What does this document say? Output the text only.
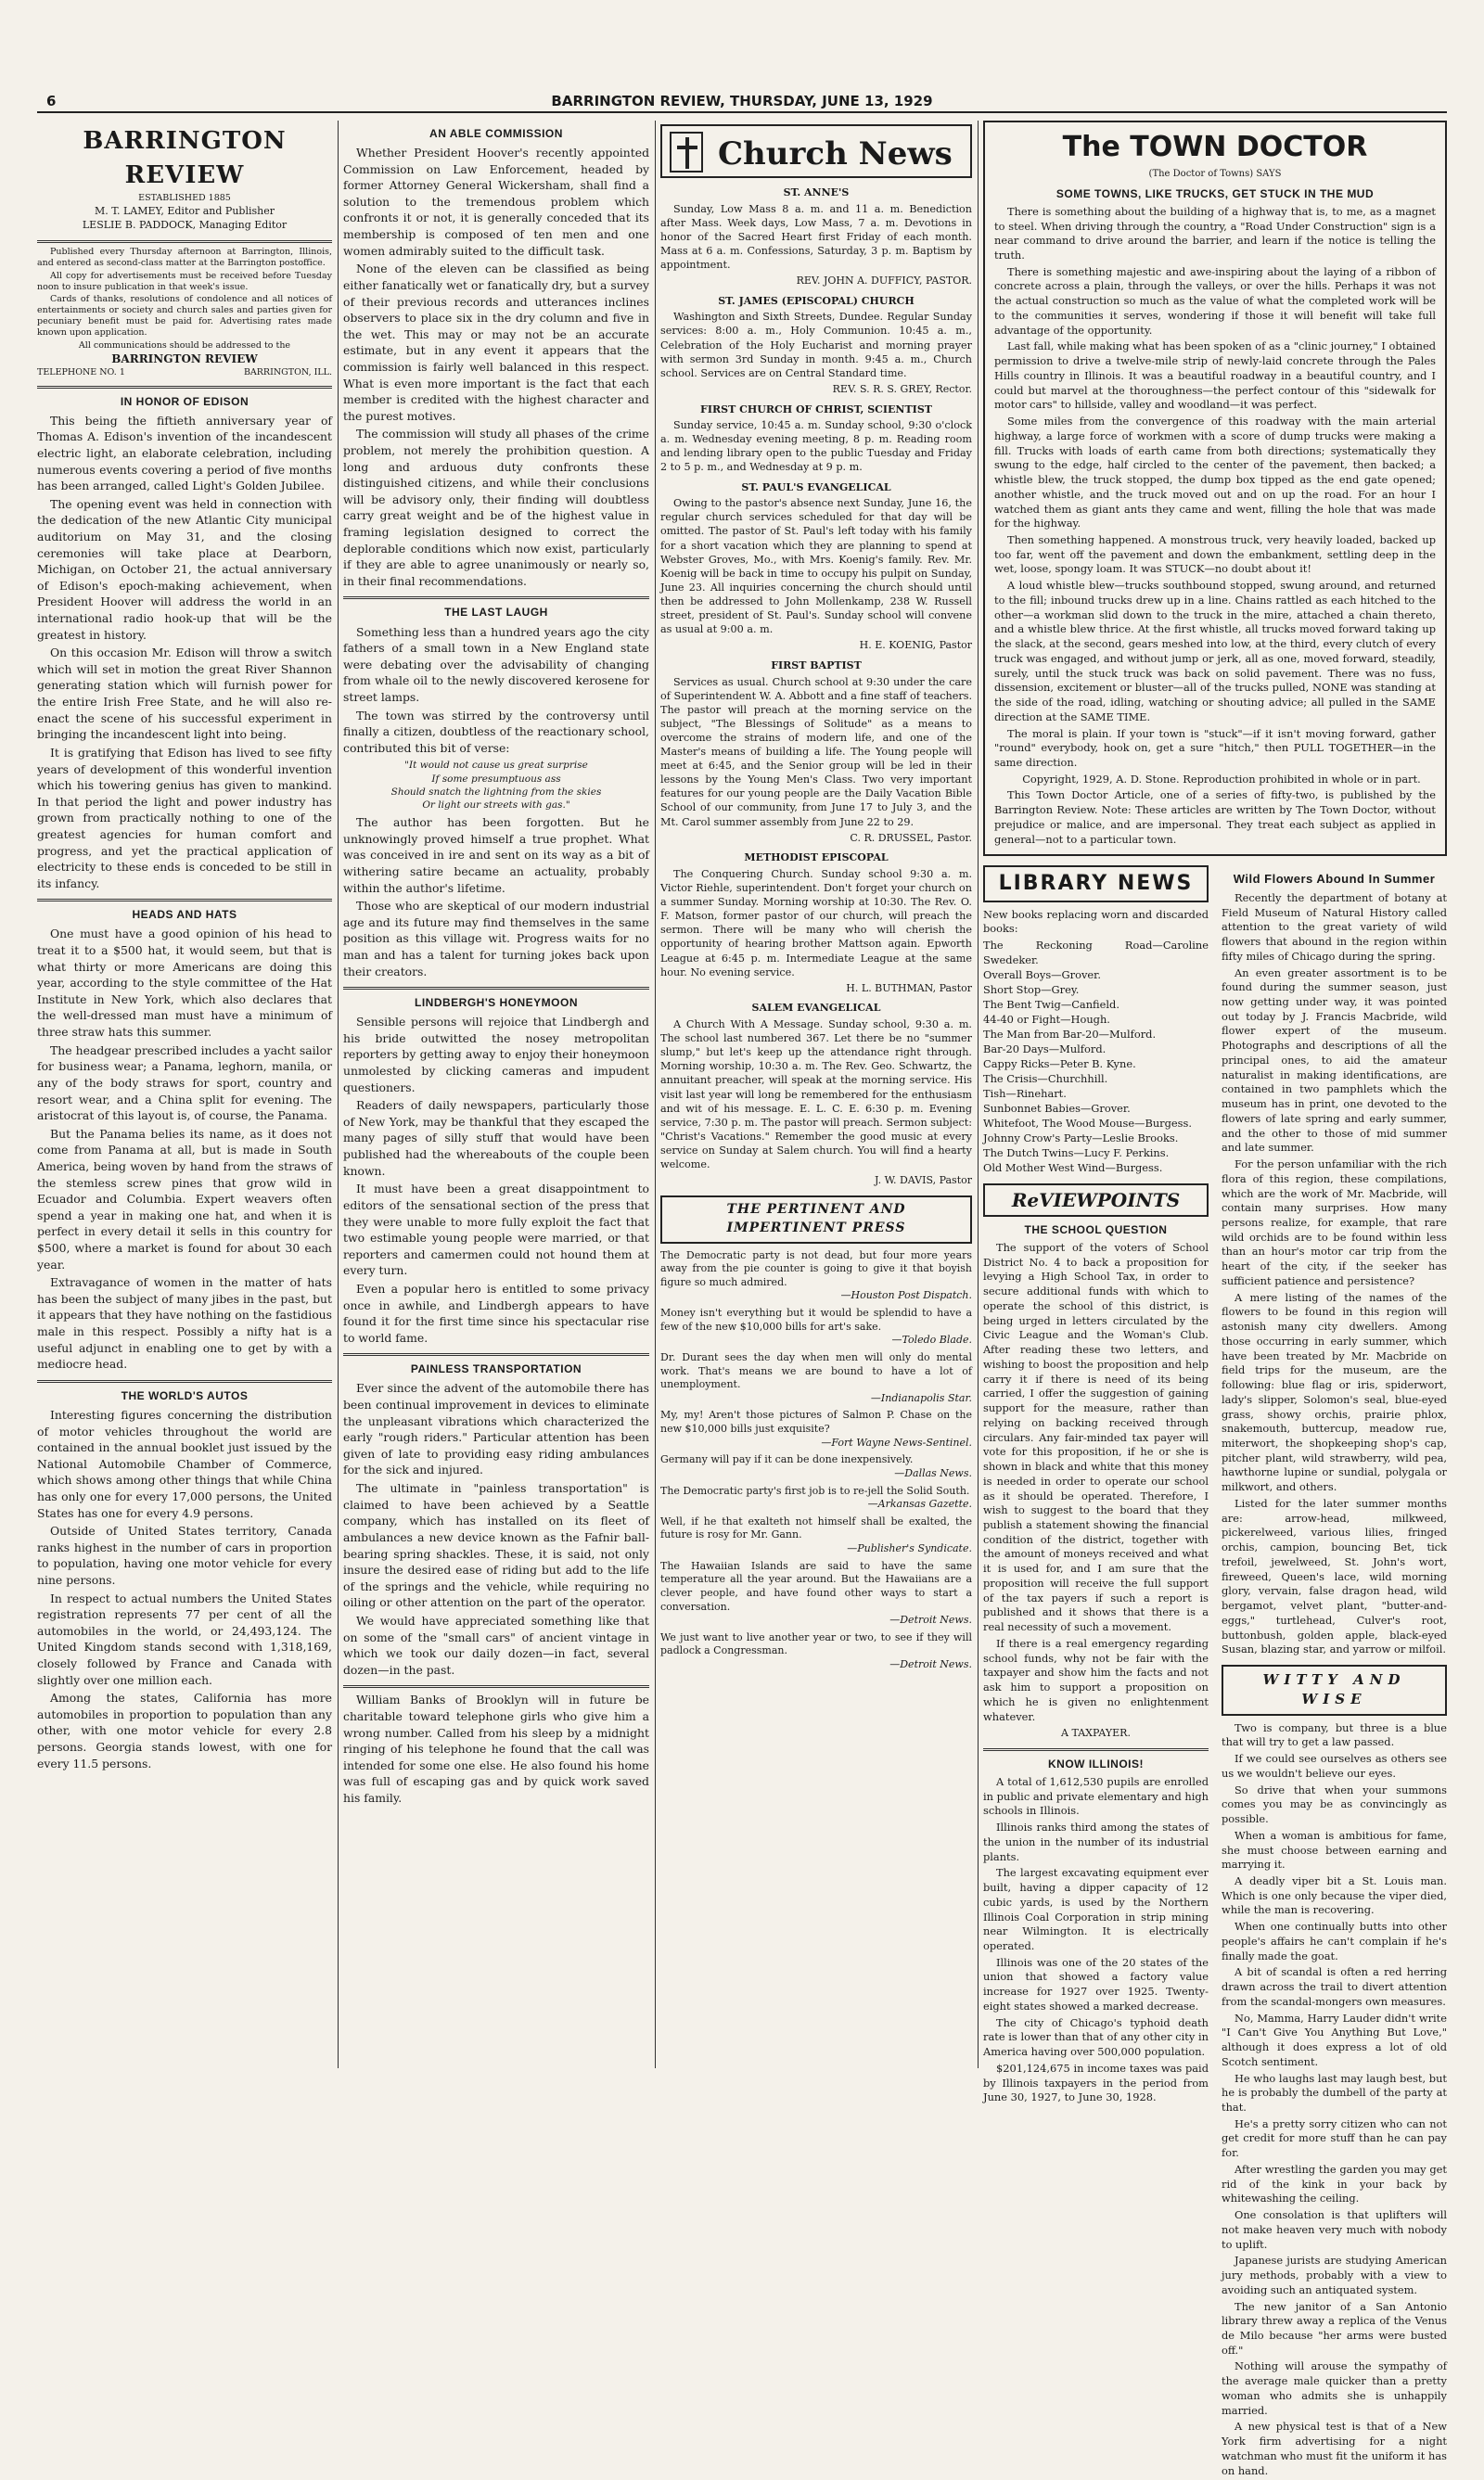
6	BARRINGTON REVIEW, THURSDAY, JUNE 13, 1929
BARRINGTON REVIEW
ESTABLISHED 1885
M. T. LAMEY, Editor and Publisher
LESLIE B. PADDOCK, Managing Editor

Published every Thursday afternoon at Barrington, Illinois, and entered as second-class matter at the Barrington postoffice.

All copy for advertisements must be received before Tuesday noon to insure publication in that week's issue.

Cards of thanks, resolutions of condolence and all notices of entertainments or society and church sales and parties given for pecuniary benefit must be paid for. Advertising rates made known upon application.

All communications should be addressed to the
BARRINGTON REVIEW
TELEPHONE NO. 1	BARRINGTON, ILL.
IN HONOR OF EDISON

This being the fiftieth anniversary year of Thomas A. Edison's invention of the incandescent electric light, an elaborate celebration, including numerous events covering a period of five months has been arranged, called Light's Golden Jubilee.

The opening event was held in connection with the dedication of the new Atlantic City municipal auditorium on May 31, and the closing ceremonies will take place at Dearborn, Michigan, on October 21, the actual anniversary of Edison's epoch-making achievement, when President Hoover will address the world in an international radio hook-up that will be the greatest in history.

On this occasion Mr. Edison will throw a switch which will set in motion the great River Shannon generating station which will furnish power for the entire Irish Free State, and he will also re-enact the scene of his successful experiment in bringing the incandescent light into being.

It is gratifying that Edison has lived to see fifty years of development of this wonderful invention which his towering genius has given to mankind. In that period the light and power industry has grown from practically nothing to one of the greatest agencies for human comfort and progress, and yet the practical application of electricity to these ends is conceded to be still in its infancy.

HEADS AND HATS

One must have a good opinion of his head to treat it to a $500 hat, it would seem, but that is what thirty or more Americans are doing this year, according to the style committee of the Hat Institute in New York, which also declares that the well-dressed man must have a minimum of three straw hats this summer.

The headgear prescribed includes a yacht sailor for business wear; a Panama, leghorn, manila, or any of the body straws for sport, country and resort wear, and a China split for evening. The aristocrat of this layout is, of course, the Panama.

But the Panama belies its name, as it does not come from Panama at all, but is made in South America, being woven by hand from the straws of the stemless screw pines that grow wild in Ecuador and Columbia. Expert weavers often spend a year in making one hat, and when it is perfect in every detail it sells in this country for $500, where a market is found for about 30 each year.

Extravagance of women in the matter of hats has been the subject of many jibes in the past, but it appears that they have nothing on the fastidious male in this respect. Possibly a nifty hat is a useful adjunct in enabling one to get by with a mediocre head.

THE WORLD'S AUTOS

Interesting figures concerning the distribution of motor vehicles throughout the world are contained in the annual booklet just issued by the National Automobile Chamber of Commerce, which shows among other things that while China has only one for every 17,000 persons, the United States has one for every 4.9 persons.

Outside of United States territory, Canada ranks highest in the number of cars in proportion to population, having one motor vehicle for every nine persons.

In respect to actual numbers the United States registration represents 77 per cent of all the automobiles in the world, or 24,493,124. The United Kingdom stands second with 1,318,169, closely followed by France and Canada with slightly over one million each.

Among the states, California has more automobiles in proportion to population than any other, with one motor vehicle for every 2.8 persons. Georgia stands lowest, with one for every 11.5 persons.

AN ABLE COMMISSION

Whether President Hoover's recently appointed Commission on Law Enforcement, headed by former Attorney General Wickersham, shall find a solution to the tremendous problem which confronts it or not, it is generally conceded that its membership is composed of ten men and one women admirably suited to the difficult task.

None of the eleven can be classified as being either fanatically wet or fanatically dry, but a survey of their previous records and utterances inclines observers to place six in the dry column and five in the wet. This may or may not be an accurate estimate, but in any event it appears that the commission is fairly well balanced in this respect. What is even more important is the fact that each member is credited with the highest character and the purest motives.

The commission will study all phases of the crime problem, not merely the prohibition question. A long and arduous duty confronts these distinguished citizens, and while their conclusions will be advisory only, their finding will doubtless carry great weight and be of the highest value in framing legislation designed to correct the deplorable conditions which now exist, particularly if they are able to agree unanimously or nearly so, in their final recommendations.

THE LAST LAUGH

Something less than a hundred years ago the city fathers of a small town in a New England state were debating over the advisability of changing from whale oil to the newly discovered kerosene for street lamps.

The town was stirred by the controversy until finally a citizen, doubtless of the reactionary school, contributed this bit of verse:

"It would not cause us great surprise
If some presumptuous ass
Should snatch the lightning from the skies
Or light our streets with gas."

The author has been forgotten. But he unknowingly proved himself a true prophet. What was conceived in ire and sent on its way as a bit of withering satire became an actuality, probably within the author's lifetime.

Those who are skeptical of our modern industrial age and its future may find themselves in the same position as this village wit. Progress waits for no man and has a talent for turning jokes back upon their creators.

LINDBERGH'S HONEYMOON

Sensible persons will rejoice that Lindbergh and his bride outwitted the nosey metropolitan reporters by getting away to enjoy their honeymoon unmolested by clicking cameras and impudent questioners.

Readers of daily newspapers, particularly those of New York, may be thankful that they escaped the many pages of silly stuff that would have been published had the whereabouts of the couple been known.

It must have been a great disappointment to editors of the sensational section of the press that they were unable to more fully exploit the fact that two estimable young people were married, or that reporters and camermen could not hound them at every turn.

Even a popular hero is entitled to some privacy once in awhile, and Lindbergh appears to have found it for the first time since his spectacular rise to world fame.

PAINLESS TRANSPORTATION

Ever since the advent of the automobile there has been continual improvement in devices to eliminate the unpleasant vibrations which characterized the early "rough riders." Particular attention has been given of late to providing easy riding ambulances for the sick and injured.

The ultimate in "painless transportation" is claimed to have been achieved by a Seattle company, which has installed on its fleet of ambulances a new device known as the Fafnir ball-bearing spring shackles. These, it is said, not only insure the desired ease of riding but add to the life of the springs and the vehicle, while requiring no oiling or other attention on the part of the operator.

We would have appreciated something like that on some of the "small cars" of ancient vintage in which we took our daily dozen—in fact, several dozen—in the past.

William Banks of Brooklyn will in future be charitable toward telephone girls who give him a wrong number. Called from his sleep by a midnight ringing of his telephone he found that the call was intended for some one else. He also found his home was full of escaping gas and by quick work saved his family.

Church News
ST. ANNE'S

Sunday, Low Mass 8 a. m. and 11 a. m. Benediction after Mass. Week days, Low Mass, 7 a. m. Devotions in honor of the Sacred Heart first Friday of each month. Mass at 6 a. m. Confessions, Saturday, 3 p. m. Baptism by appointment.

REV. JOHN A. DUFFICY, PASTOR.
ST. JAMES (EPISCOPAL) CHURCH

Washington and Sixth Streets, Dundee. Regular Sunday services: 8:00 a. m., Holy Communion. 10:45 a. m., Celebration of the Holy Eucharist and morning prayer with sermon 3rd Sunday in month. 9:45 a. m., Church school. Services are on Central Standard time.

REV. S. R. S. GREY, Rector.
FIRST CHURCH OF CHRIST, SCIENTIST

Sunday service, 10:45 a. m. Sunday school, 9:30 o'clock a. m. Wednesday evening meeting, 8 p. m. Reading room and lending library open to the public Tuesday and Friday 2 to 5 p. m., and Wednesday at 9 p. m.

ST. PAUL'S EVANGELICAL

Owing to the pastor's absence next Sunday, June 16, the regular church services scheduled for that day will be omitted. The pastor of St. Paul's left today with his family for a short vacation which they are planning to spend at Webster Groves, Mo., with Mrs. Koenig's family. Rev. Mr. Koenig will be back in time to occupy his pulpit on Sunday, June 23. All inquiries concerning the church should until then be addressed to John Mollenkamp, 238 W. Russell street, president of St. Paul's. Sunday school will convene as usual at 9:00 a. m.

H. E. KOENIG, Pastor
FIRST BAPTIST

Services as usual. Church school at 9:30 under the care of Superintendent W. A. Abbott and a fine staff of teachers. The pastor will preach at the morning service on the subject, "The Blessings of Solitude" as a means to overcome the strains of modern life, and one of the Master's means of building a life. The Young people will meet at 6:45, and the Senior group will be led in their lessons by the Young Men's Class. Two very important features for our young people are the Daily Vacation Bible School of our community, from June 17 to July 3, and the Mt. Carol summer assembly from June 22 to 29.

C. R. DRUSSEL, Pastor.
METHODIST EPISCOPAL

The Conquering Church. Sunday school 9:30 a. m. Victor Riehle, superintendent. Don't forget your church on a summer Sunday. Morning worship at 10:30. The Rev. O. F. Matson, former pastor of our church, will preach the sermon. There will be many who will cherish the opportunity of hearing brother Mattson again. Epworth League at 6:45 p. m. Intermediate League at the same hour. No evening service.

H. L. BUTHMAN, Pastor
SALEM EVANGELICAL

A Church With A Message. Sunday school, 9:30 a. m. The school last numbered 367. Let there be no "summer slump," but let's keep up the attendance right through. Morning worship, 10:30 a. m. The Rev. Geo. Schwartz, the annuitant preacher, will speak at the morning service. His visit last year will long be remembered for the enthusiasm and wit of his message. E. L. C. E. 6:30 p. m. Evening service, 7:30 p. m. The pastor will preach. Sermon subject: "Christ's Vacations." Remember the good music at every service on Sunday at Salem church. You will find a hearty welcome.

J. W. DAVIS, Pastor
THE PERTINENT AND IMPERTINENT PRESS
The Democratic party is not dead, but four more years away from the pie counter is going to give it that boyish figure so much admired.
—Houston Post Dispatch.
Money isn't everything but it would be splendid to have a few of the new $10,000 bills for art's sake.
—Toledo Blade.
Dr. Durant sees the day when men will only do mental work. That's means we are bound to have a lot of unemployment.
—Indianapolis Star.
My, my! Aren't those pictures of Salmon P. Chase on the new $10,000 bills just exquisite?
—Fort Wayne News-Sentinel.
Germany will pay if it can be done inexpensively.
—Dallas News.
The Democratic party's first job is to re-jell the Solid South.
—Arkansas Gazette.
Well, if he that exalteth not himself shall be exalted, the future is rosy for Mr. Gann.
—Publisher's Syndicate.
The Hawaiian Islands are said to have the same temperature all the year around. But the Hawaiians are a clever people, and have found other ways to start a conversation.
—Detroit News.
We just want to live another year or two, to see if they will padlock a Congressman.
—Detroit News.
The TOWN DOCTOR
(The Doctor of Towns) SAYS
SOME TOWNS, LIKE TRUCKS, GET STUCK IN THE MUD

There is something about the building of a highway that is, to me, as a magnet to steel. When driving through the country, a "Road Under Construction" sign is a near command to drive around the barrier, and learn if the notice is telling the truth.

There is something majestic and awe-inspiring about the laying of a ribbon of concrete across a plain, through the valleys, or over the hills. Perhaps it was not the actual construction so much as the value of what the completed work will be to the communities it serves, wondering if those it will benefit will take full advantage of the opportunity.

Last fall, while making what has been spoken of as a "clinic journey," I obtained permission to drive a twelve-mile strip of newly-laid concrete through the Pales Hills country in Illinois. It was a beautiful roadway in a beautiful country, and I could but marvel at the thoroughness—the perfect contour of this "sidewalk for motor cars" to hillside, valley and woodland—it was perfect.

Some miles from the convergence of this roadway with the main arterial highway, a large force of workmen with a score of dump trucks were making a fill. Trucks with loads of earth came from both directions; systematically they swung to the edge, half circled to the center of the pavement, then backed; a whistle blew, the truck stopped, the dump box tipped as the end gate opened; another whistle, and the truck moved out and on up the road. For an hour I watched them as giant ants they came and went, filling the hole that was made for the highway.

Then something happened. A monstrous truck, very heavily loaded, backed up too far, went off the pavement and down the embankment, settling deep in the wet, loose, spongy loam. It was STUCK—no doubt about it!

A loud whistle blew—trucks southbound stopped, swung around, and returned to the fill; inbound trucks drew up in a line. Chains rattled as each hitched to the other—a workman slid down to the truck in the mire, attached a chain thereto, and a whistle blew thrice. At the first whistle, all trucks moved forward taking up the slack, at the second, gears meshed into low, at the third, every clutch of every truck was engaged, and without jump or jerk, all as one, moved forward, steadily, surely, until the stuck truck was back on solid pavement. There was no fuss, dissension, excitement or bluster—all of the trucks pulled, NONE was standing at the side of the road, idling, watching or shouting advice; all pulled in the SAME direction at the SAME TIME.

The moral is plain. If your town is "stuck"—if it isn't moving forward, gather "round" everybody, hook on, get a sure "hitch," then PULL TOGETHER—in the same direction.

Copyright, 1929, A. D. Stone. Reproduction prohibited in whole or in part.

This Town Doctor Article, one of a series of fifty-two, is published by the Barrington Review. Note: These articles are written by The Town Doctor, without prejudice or malice, and are impersonal. They treat each subject as applied in general—not to a particular town.

LIBRARY NEWS

New books replacing worn and discarded books:

The Reckoning Road—Caroline Swedeker.
Overall Boys—Grover.
Short Stop—Grey.
The Bent Twig—Canfield.
44-40 or Fight—Hough.
The Man from Bar-20—Mulford.
Bar-20 Days—Mulford.
Cappy Ricks—Peter B. Kyne.
The Crisis—Churchhill.
Tish—Rinehart.
Sunbonnet Babies—Grover.
Whitefoot, The Wood Mouse—Burgess.
Johnny Crow's Party—Leslie Brooks.
The Dutch Twins—Lucy F. Perkins.
Old Mother West Wind—Burgess.
ReVIEWPOINTS
THE SCHOOL QUESTION

The support of the voters of School District No. 4 to back a proposition for levying a High School Tax, in order to secure additional funds with which to operate the school of this district, is being urged in letters circulated by the Civic League and the Woman's Club. After reading these two letters, and wishing to boost the proposition and help carry it if there is need of its being carried, I offer the suggestion of gaining support for the measure, rather than relying on backing received through circulars. Any fair-minded tax payer will vote for this proposition, if he or she is shown in black and white that this money is needed in order to operate our school as it should be operated. Therefore, I wish to suggest to the board that they publish a statement showing the financial condition of the district, together with the amount of moneys received and what it is used for, and I am sure that the proposition will receive the full support of the tax payers if such a report is published and it shows that there is a real necessity of such a movement.

If there is a real emergency regarding school funds, why not be fair with the taxpayer and show him the facts and not ask him to support a proposition on which he is given no enlightenment whatever.

A TAXPAYER.
KNOW ILLINOIS!

A total of 1,612,530 pupils are enrolled in public and private elementary and high schools in Illinois.

Illinois ranks third among the states of the union in the number of its industrial plants.

The largest excavating equipment ever built, having a dipper capacity of 12 cubic yards, is used by the Northern Illinois Coal Corporation in strip mining near Wilmington. It is electrically operated.

Illinois was one of the 20 states of the union that showed a factory value increase for 1927 over 1925. Twenty-eight states showed a marked decrease.

The city of Chicago's typhoid death rate is lower than that of any other city in America having over 500,000 population.

$201,124,675 in income taxes was paid by Illinois taxpayers in the period from June 30, 1927, to June 30, 1928.

Wild Flowers Abound In Summer

Recently the department of botany at Field Museum of Natural History called attention to the great variety of wild flowers that abound in the region within fifty miles of Chicago during the spring.

An even greater assortment is to be found during the summer season, just now getting under way, it was pointed out today by J. Francis Macbride, wild flower expert of the museum. Photographs and descriptions of all the principal ones, to aid the amateur naturalist in making identifications, are contained in two pamphlets which the museum has in print, one devoted to the flowers of late spring and early summer, and the other to those of mid summer and late summer.

For the person unfamiliar with the rich flora of this region, these compilations, which are the work of Mr. Macbride, will contain many surprises. How many persons realize, for example, that rare wild orchids are to be found within less than an hour's motor car trip from the heart of the city, if the seeker has sufficient patience and persistence?

A mere listing of the names of the flowers to be found in this region will astonish many city dwellers. Among those occurring in early summer, which have been treated by Mr. Macbride on field trips for the museum, are the following: blue flag or iris, spiderwort, lady's slipper, Solomon's seal, blue-eyed grass, showy orchis, prairie phlox, snakemouth, buttercup, meadow rue, miterwort, the shopkeeping shop's cap, pitcher plant, wild strawberry, wild pea, hawthorne lupine or sundial, polygala or milkwort, and others.

Listed for the later summer months are: arrow-head, milkweed, pickerelweed, various lilies, fringed orchis, campion, bouncing Bet, tick trefoil, jewelweed, St. John's wort, fireweed, Queen's lace, wild morning glory, vervain, false dragon head, wild bergamot, velvet plant, "butter-and-eggs," turtlehead, Culver's root, buttonbush, golden apple, black-eyed Susan, blazing star, and yarrow or milfoil.

WITTY AND WISE

Two is company, but three is a blue that will try to get a law passed.

If we could see ourselves as others see us we wouldn't believe our eyes.

So drive that when your summons comes you may be as convincingly as possible.

When a woman is ambitious for fame, she must choose between earning and marrying it.

A deadly viper bit a St. Louis man. Which is one only because the viper died, while the man is recovering.

When one continually butts into other people's affairs he can't complain if he's finally made the goat.

A bit of scandal is often a red herring drawn across the trail to divert attention from the scandal-mongers own measures.

No, Mamma, Harry Lauder didn't write "I Can't Give You Anything But Love," although it does express a lot of old Scotch sentiment.

He who laughs last may laugh best, but he is probably the dumbell of the party at that.

He's a pretty sorry citizen who can not get credit for more stuff than he can pay for.

After wrestling the garden you may get rid of the kink in your back by whitewashing the ceiling.

One consolation is that uplifters will not make heaven very much with nobody to uplift.

Japanese jurists are studying American jury methods, probably with a view to avoiding such an antiquated system.

The new janitor of a San Antonio library threw away a replica of the Venus de Milo because "her arms were busted off."

Nothing will arouse the sympathy of the average male quicker than a pretty woman who admits she is unhappily married.

A new physical test is that of a New York firm advertising for a night watchman who must fit the uniform it has on hand.
